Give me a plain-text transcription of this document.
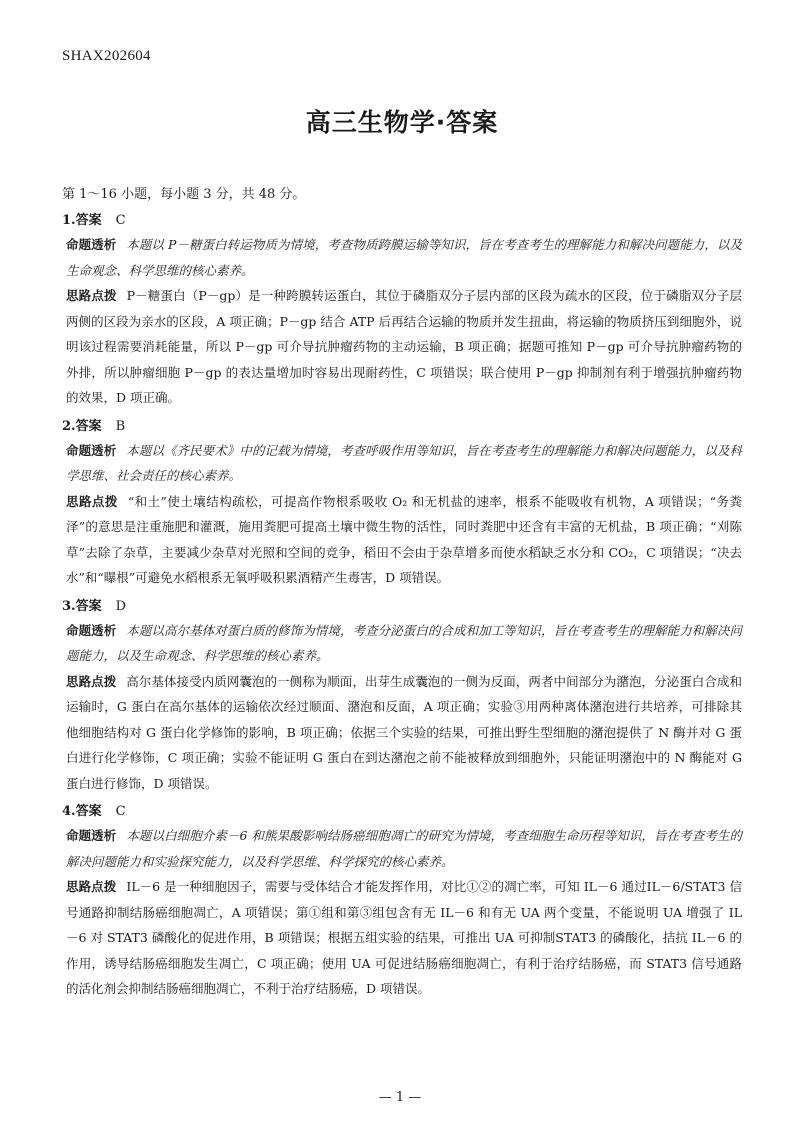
SHAX202604
高三生物学·答案
第 1～16 小题，每小题 3 分，共 48 分。
1.答案 C

命题透析 本题以 P－糖蛋白转运物质为情境，考查物质跨膜运输等知识，旨在考查考生的理解能力和解决问题能力，以及生命观念、科学思维的核心素养。

思路点拨 P－糖蛋白（P－gp）是一种跨膜转运蛋白，其位于磷脂双分子层内部的区段为疏水的区段，位于磷脂双分子层两侧的区段为亲水的区段，A 项正确；P－gp 结合 ATP 后再结合运输的物质并发生扭曲，将运输的物质挤压到细胞外，说明该过程需要消耗能量，所以 P－gp 可介导抗肿瘤药物的主动运输，B 项正确；据题可推知 P－gp 可介导抗肿瘤药物的外排，所以肿瘤细胞 P－gp 的表达量增加时容易出现耐药性，C 项错误；联合使用 P－gp 抑制剂有利于增强抗肿瘤药物的效果，D 项正确。

2.答案 B

命题透析 本题以《齐民要术》中的记载为情境，考查呼吸作用等知识，旨在考查考生的理解能力和解决问题能力，以及科学思维、社会责任的核心素养。

思路点拨 “和土”使土壤结构疏松，可提高作物根系吸收 O₂ 和无机盐的速率，根系不能吸收有机物，A 项错误；“务粪泽”的意思是注重施肥和灌溉，施用粪肥可提高土壤中微生物的活性，同时粪肥中还含有丰富的无机盐，B 项正确；“刈陈草”去除了杂草，主要减少杂草对光照和空间的竞争，稻田不会由于杂草增多而使水稻缺乏水分和 CO₂，C 项错误；“决去水”和“曝根”可避免水稻根系无氧呼吸积累酒精产生毒害，D 项错误。

3.答案 D

命题透析 本题以高尔基体对蛋白质的修饰为情境，考查分泌蛋白的合成和加工等知识，旨在考查考生的理解能力和解决问题能力，以及生命观念、科学思维的核心素养。

思路点拨 高尔基体接受内质网囊泡的一侧称为顺面，出芽生成囊泡的一侧为反面，两者中间部分为潴泡，分泌蛋白合成和运输时，G 蛋白在高尔基体的运输依次经过顺面、潴泡和反面，A 项正确；实验③用两种离体潴泡进行共培养，可排除其他细胞结构对 G 蛋白化学修饰的影响，B 项正确；依据三个实验的结果，可推出野生型细胞的潴泡提供了 N 酶并对 G 蛋白进行化学修饰，C 项正确；实验不能证明 G 蛋白在到达潴泡之前不能被释放到细胞外，只能证明潴泡中的 N 酶能对 G 蛋白进行修饰，D 项错误。

4.答案 C

命题透析 本题以白细胞介素－6 和熊果酸影响结肠癌细胞凋亡的研究为情境，考查细胞生命历程等知识，旨在考查考生的解决问题能力和实验探究能力，以及科学思维、科学探究的核心素养。

思路点拨 IL－6 是一种细胞因子，需要与受体结合才能发挥作用，对比①②的凋亡率，可知 IL－6 通过IL－6/STAT3 信号通路抑制结肠癌细胞凋亡，A 项错误；第①组和第③组包含有无 IL－6 和有无 UA 两个变量，不能说明 UA 增强了 IL－6 对 STAT3 磷酸化的促进作用，B 项错误；根据五组实验的结果，可推出 UA 可抑制STAT3 的磷酸化，拮抗 IL－6 的作用，诱导结肠癌细胞发生凋亡，C 项正确；使用 UA 可促进结肠癌细胞凋亡，有利于治疗结肠癌，而 STAT3 信号通路的活化剂会抑制结肠癌细胞凋亡，不利于治疗结肠癌，D 项错误。

— 1 —
